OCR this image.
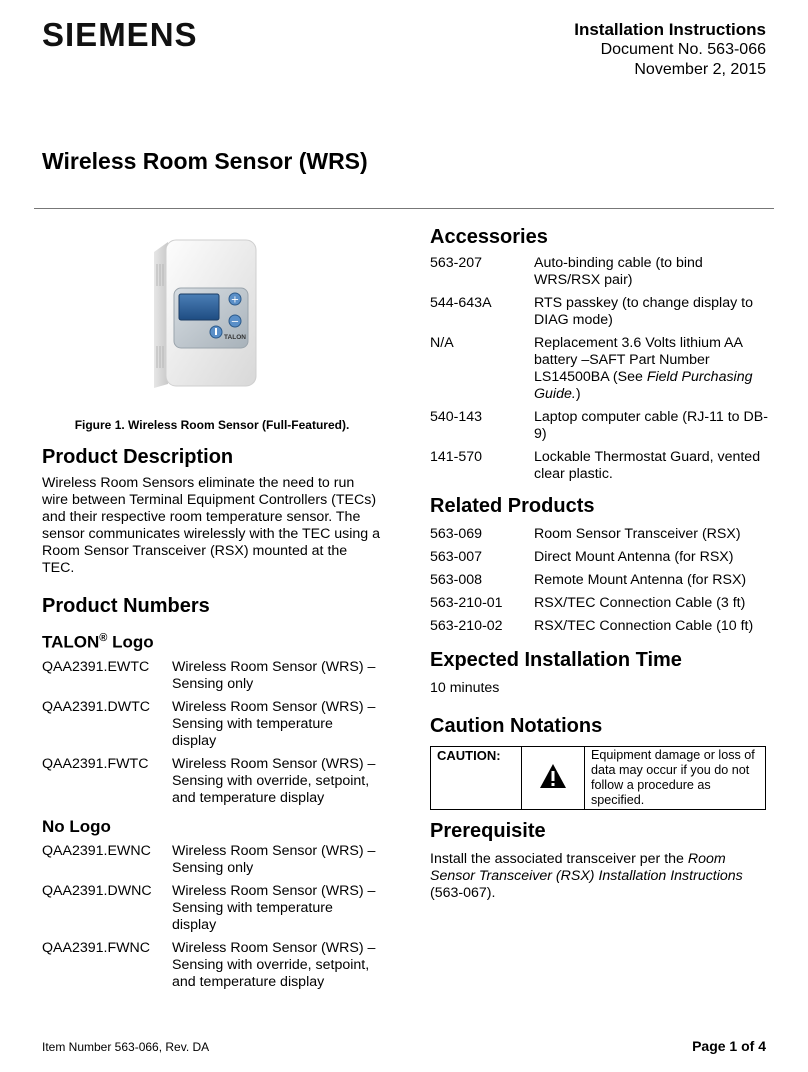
SIEMENS	Installation Instructions
Document No. 563-066
November 2, 2015
Wireless Room Sensor (WRS)
+
−
TALON
Figure 1. Wireless Room Sensor (Full-Featured).
Product Description

Wireless Room Sensors eliminate the need to run wire between Terminal Equipment Controllers (TECs) and their respective room temperature sensor. The sensor communicates wirelessly with the TEC using a Room Sensor Transceiver (RSX) mounted at the TEC.

Product Numbers
TALON® Logo
QAA2391.EWTC	Wireless Room Sensor (WRS) – Sensing only
QAA2391.DWTC	Wireless Room Sensor (WRS) – Sensing with temperature display
QAA2391.FWTC	Wireless Room Sensor (WRS) – Sensing with override, setpoint, and temperature display
No Logo
QAA2391.EWNC	Wireless Room Sensor (WRS) – Sensing only
QAA2391.DWNC	Wireless Room Sensor (WRS) – Sensing with temperature display
QAA2391.FWNC	Wireless Room Sensor (WRS) – Sensing with override, setpoint, and temperature display
Accessories
563-207	Auto-binding cable (to bind WRS/RSX pair)
544-643A	RTS passkey (to change display to DIAG mode)
N/A	Replacement 3.6 Volts lithium AA battery –SAFT Part Number LS14500BA (See Field Purchasing Guide.)
540-143	Laptop computer cable (RJ-11 to DB-9)
141-570	Lockable Thermostat Guard, vented clear plastic.
Related Products
563-069	Room Sensor Transceiver (RSX)
563-007	Direct Mount Antenna (for RSX)
563-008	Remote Mount Antenna (for RSX)
563-210-01	RSX/TEC Connection Cable (3 ft)
563-210-02	RSX/TEC Connection Cable (10 ft)
Expected Installation Time

10 minutes

Caution Notations
CAUTION:		Equipment damage or loss of data may occur if you do not follow a procedure as specified.
Prerequisite

Install the associated transceiver per the Room Sensor Transceiver (RSX) Installation Instructions (563-067).

Item Number 563-066, Rev. DA	Page 1 of 4
